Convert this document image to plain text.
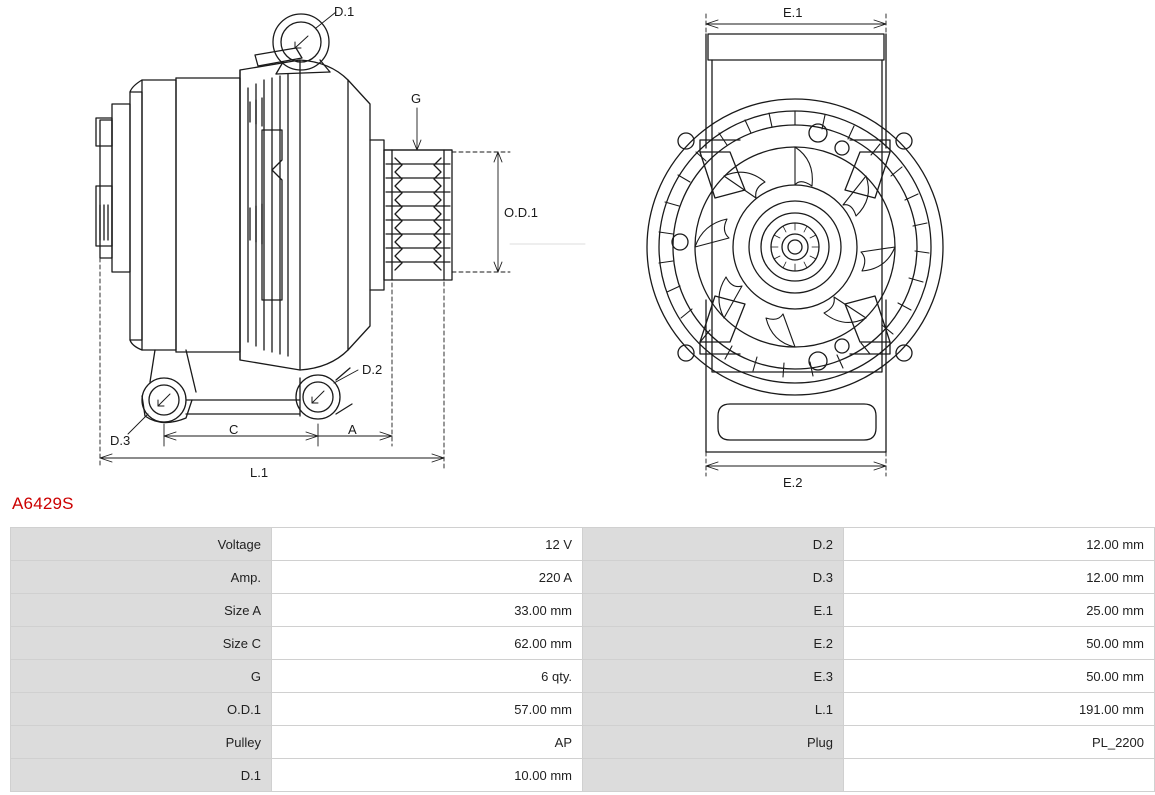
D.1
G
O.D.1
D.2
D.3
C	A
L.1
E.1
E.2
A6429S
Voltage	12 V	D.2	12.00 mm
Amp.	220 A	D.3	12.00 mm
Size A	33.00 mm	E.1	25.00 mm
Size C	62.00 mm	E.2	50.00 mm
G	6 qty.	E.3	50.00 mm
O.D.1	57.00 mm	L.1	191.00 mm
Pulley	AP	Plug	PL_2200
D.1	10.00 mm		
